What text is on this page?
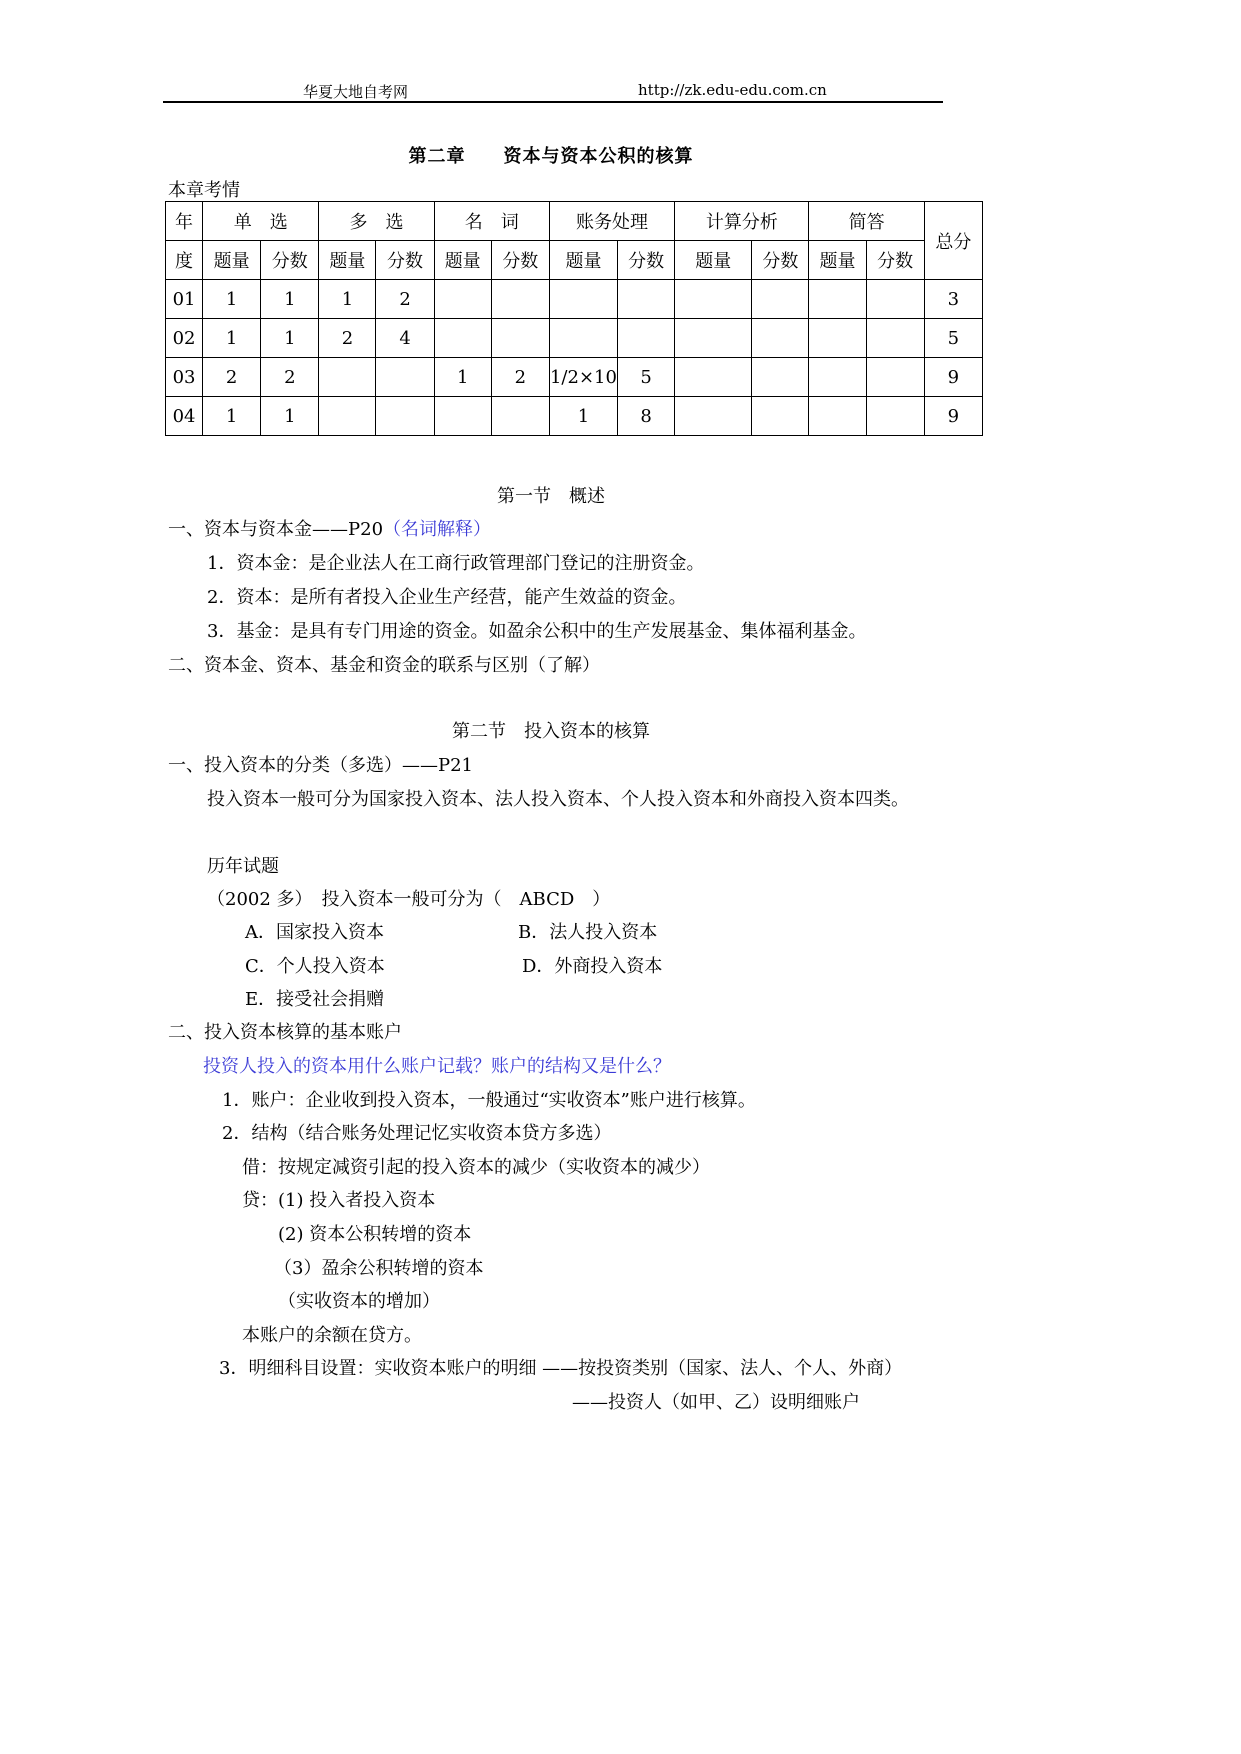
华夏大地自考网	http://zk.edu-edu.com.cn
第二章　　资本与资本公积的核算
本章考情
年	单　选		多　选		名　词		账务处理		计算分析		简答		总分
度	题量	分数	题量	分数	题量	分数	题量	分数	题量	分数	题量	分数	
01	1	1	1	2									3
02	1	1	2	4									5
03	2	2			1	2	1/2×10	5					9
04	1	1					1	8					9
第一节　概述
一、资本与资本金——P20（名词解释）
1．资本金：是企业法人在工商行政管理部门登记的注册资金。
2．资本：是所有者投入企业生产经营，能产生效益的资金。
3．基金：是具有专门用途的资金。如盈余公积中的生产发展基金、集体福利基金。
二、资本金、资本、基金和资金的联系与区别（了解）
第二节　投入资本的核算
一、投入资本的分类（多选）——P21
投入资本一般可分为国家投入资本、法人投入资本、个人投入资本和外商投入资本四类。
历年试题
（2002 多）　投入资本一般可分为（　ABCD　）
A．国家投入资本	B．法人投入资本
C．个人投入资本	D．外商投入资本
E．接受社会捐赠
二、投入资本核算的基本账户
投资人投入的资本用什么账户记载？账户的结构又是什么？
1．账户：企业收到投入资本，一般通过“实收资本”账户进行核算。
2．结构（结合账务处理记忆实收资本贷方多选）
借：按规定减资引起的投入资本的减少（实收资本的减少）
贷：(1) 投入者投入资本
(2) 资本公积转增的资本
（3）盈余公积转增的资本
（实收资本的增加）
本账户的余额在贷方。
3．明细科目设置：实收资本账户的明细 ——按投资类别（国家、法人、个人、外商）
——投资人（如甲、乙）设明细账户
